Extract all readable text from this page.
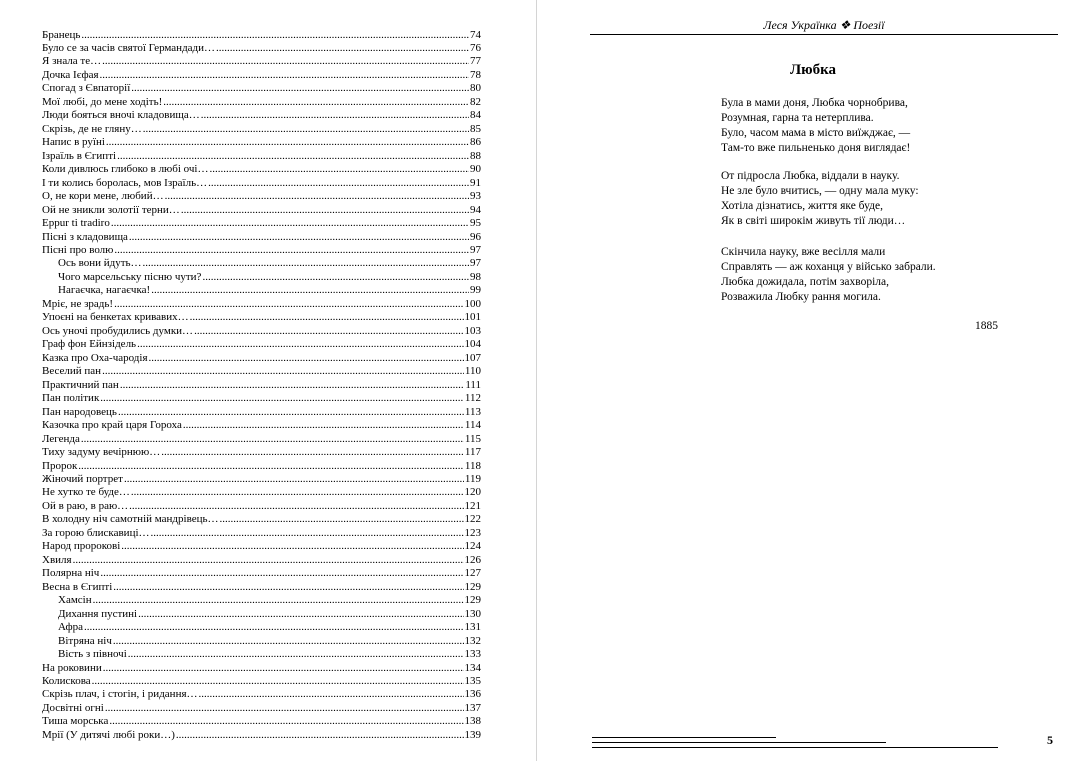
Бранець .....	74
Було се за часів святої Германдади… .....	76
Я знала те… .....	77
Дочка Ієфая .....	78
Спогад з Євпаторії .....	80
Мої любі, до мене ходіть! .....	82
Люди бояться вночі кладовища… .....	84
Скрізь, де не гляну… .....	85
Напис в руїні .....	86
Ізраїль в Єгипті .....	88
Коли дивлюсь глибоко в любі очі… .....	90
І ти колись боролась, мов Ізраїль… .....	91
О, не кори мене, любий… .....	93
Ой не зникли золотії терни… .....	94
Eppur ti tradiro .....	95
Пісні з кладовища .....	96
Пісні про волю .....	97
Ось вони йдуть… .....	97
Чого марсельську пісню чути? .....	98
Нагаєчка, нагаєчка! .....	99
Мріє, не зрадь! .....	100
Упоєні на бенкетах кривавих… .....	101
Ось уночі пробудились думки… .....	103
Граф фон Ейнзідель .....	104
Казка про Оха-чародія .....	107
Веселий пан .....	110
Практичний пан .....	111
Пан політик .....	112
Пан народовець .....	113
Казочка про край царя Гороха .....	114
Легенда .....	115
Тиху задуму вечірнюю… .....	117
Пророк .....	118
Жіночий портрет .....	119
Не хутко те буде… .....	120
Ой в раю, в раю… .....	121
В холодну ніч самотній мандрівець… .....	122
За горою блискавиці… .....	123
Народ пророкові .....	124
Хвиля .....	126
Полярна ніч .....	127
Весна в Єгипті .....	129
Хамсін .....	129
Дихання пустині .....	130
Афра .....	131
Вітряна ніч .....	132
Вість з півночі .....	133
На роковини .....	134
Колискова .....	135
Скрізь плач, і стогін, і ридання… .....	136
Досвітні огні .....	137
Тиша морська .....	138
Мрії (У дитячі любі роки…) .....	139
Леся Українка ❖ Поезії
Любка
Була в мами доня, Любка чорнобрива,
Розумная, гарна та нетерплива.
Було, часом мама в місто виїжджає, —
Там-то вже пильненько доня виглядає!
От підросла Любка, віддали в науку.
Не зле було вчитись, — одну мала муку:
Хотіла дізнатись, життя яке буде,
Як в світі широкім живуть тії люди…
Скінчила науку, вже весілля мали
Справлять — аж коханця у військо забрали.
Любка дожидала, потім захворіла,
Розважила Любку рання могила.
1885
5
